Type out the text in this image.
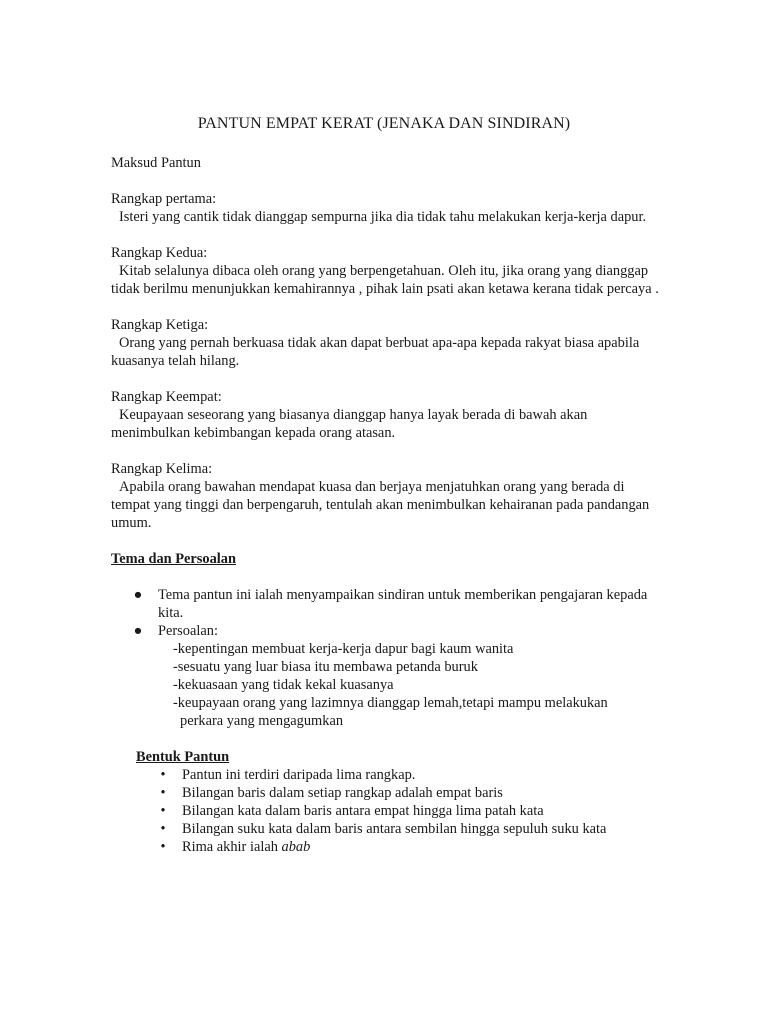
PANTUN EMPAT KERAT (JENAKA DAN SINDIRAN)

Maksud Pantun

Rangkap pertama:

Isteri yang cantik tidak dianggap sempurna jika dia tidak tahu melakukan kerja-kerja dapur.

Rangkap Kedua:

Kitab selalunya dibaca oleh orang yang berpengetahuan. Oleh itu, jika orang yang dianggap tidak berilmu menunjukkan kemahirannya , pihak lain psati akan ketawa kerana tidak percaya .

Rangkap Ketiga:

Orang yang pernah berkuasa tidak akan dapat berbuat apa-apa kepada rakyat biasa apabila kuasanya telah hilang.

Rangkap Keempat:

Keupayaan seseorang yang biasanya dianggap hanya layak berada di bawah akan menimbulkan kebimbangan kepada orang atasan.

Rangkap Kelima:

Apabila orang bawahan mendapat kuasa dan berjaya menjatuhkan orang yang berada di tempat yang tinggi dan berpengaruh, tentulah akan menimbulkan kehairanan pada pandangan umum.

Tema dan Persoalan

● Tema pantun ini ialah menyampaikan sindiran untuk memberikan pengajaran kepada kita.
● Persoalan:
-kepentingan membuat kerja-kerja dapur bagi kaum wanita
-sesuatu yang luar biasa itu membawa petanda buruk
-kekuasaan yang tidak kekal kuasanya
-keupayaan orang yang lazimnya dianggap lemah,tetapi mampu melakukan
perkara yang mengagumkan

Bentuk Pantun

• Pantun ini terdiri daripada lima rangkap.
• Bilangan baris dalam setiap rangkap adalah empat baris
• Bilangan kata dalam baris antara empat hingga lima patah kata
• Bilangan suku kata dalam baris antara sembilan hingga sepuluh suku kata
• Rima akhir ialah abab
